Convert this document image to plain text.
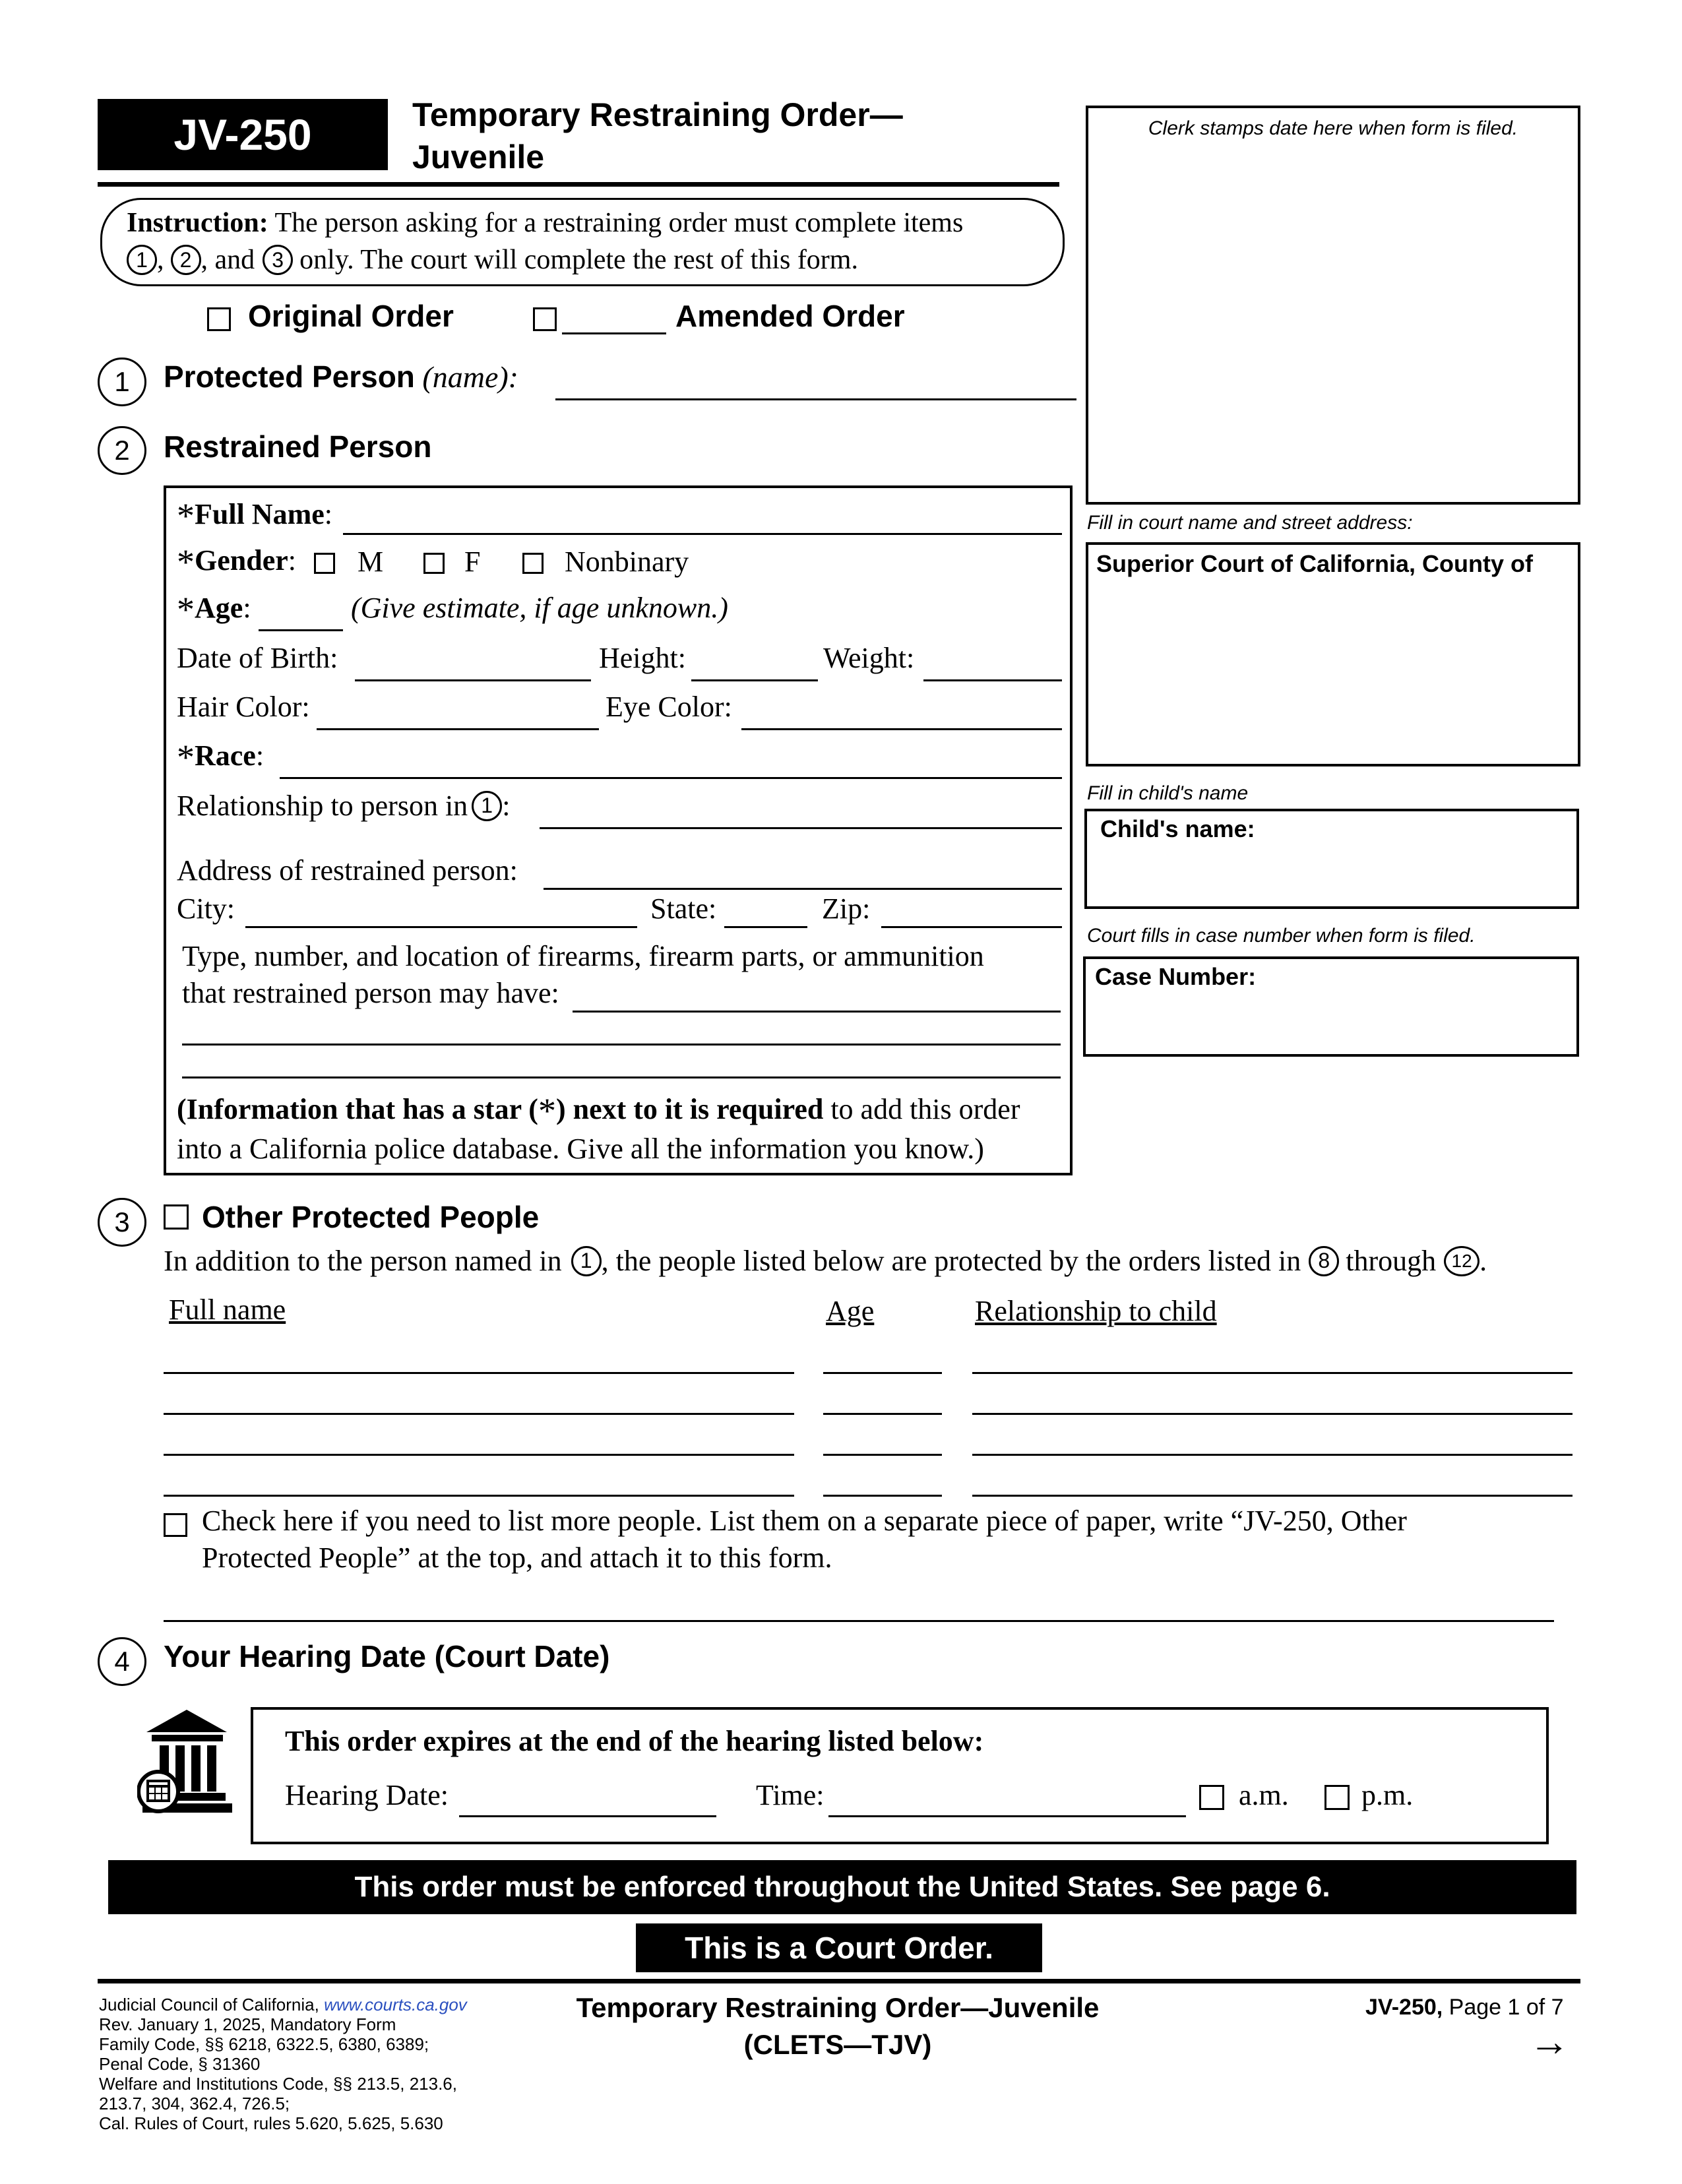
JV-250	Temporary Restraining Order—
Juvenile
Clerk stamps date here when form is filed.
Instruction: The person asking for a restraining order must complete items
1 , 2 , and 3 only. The court will complete the rest of this form.
Original Order	Amended Order
1	Protected Person (name):
2	Restrained Person
*Full Name:
*Gender: M	F	Nonbinary
*Age:	(Give estimate, if age unknown.)
Date of Birth:	Height:	Weight:
Hair Color:	Eye Color:
*Race:
Relationship to person in 1 :
Address of restrained person:
City:	State:	Zip:
Type, number, and location of firearms, firearm parts, or ammunition
that restrained person may have:
(Information that has a star (*) next to it is required to add this order
into a California police database. Give all the information you know.)
Fill in court name and street address:
Superior Court of California, County of
Fill in child's name
Child's name:
Court fills in case number when form is filed.
Case Number:
3	Other Protected People
In addition to the person named in 1 , the people listed below are protected by the orders listed in 8 through 12 .
Full name	Age	Relationship to child
Check here if you need to list more people. List them on a separate piece of paper, write “JV-250, Other
Protected People” at the top, and attach it to this form.
4	Your Hearing Date (Court Date)
This order expires at the end of the hearing listed below:
Hearing Date:	Time:	a.m.	p.m.
This order must be enforced throughout the United States. See page 6.
This is a Court Order.
Judicial Council of California, www.courts.ca.gov
Rev. January 1, 2025, Mandatory Form
Family Code, §§ 6218, 6322.5, 6380, 6389;
Penal Code, § 31360
Welfare and Institutions Code, §§ 213.5, 213.6,
213.7, 304, 362.4, 726.5;
Cal. Rules of Court, rules 5.620, 5.625, 5.630
Temporary Restraining Order—Juvenile
(CLETS—TJV)
JV-250, Page 1 of 7
→
